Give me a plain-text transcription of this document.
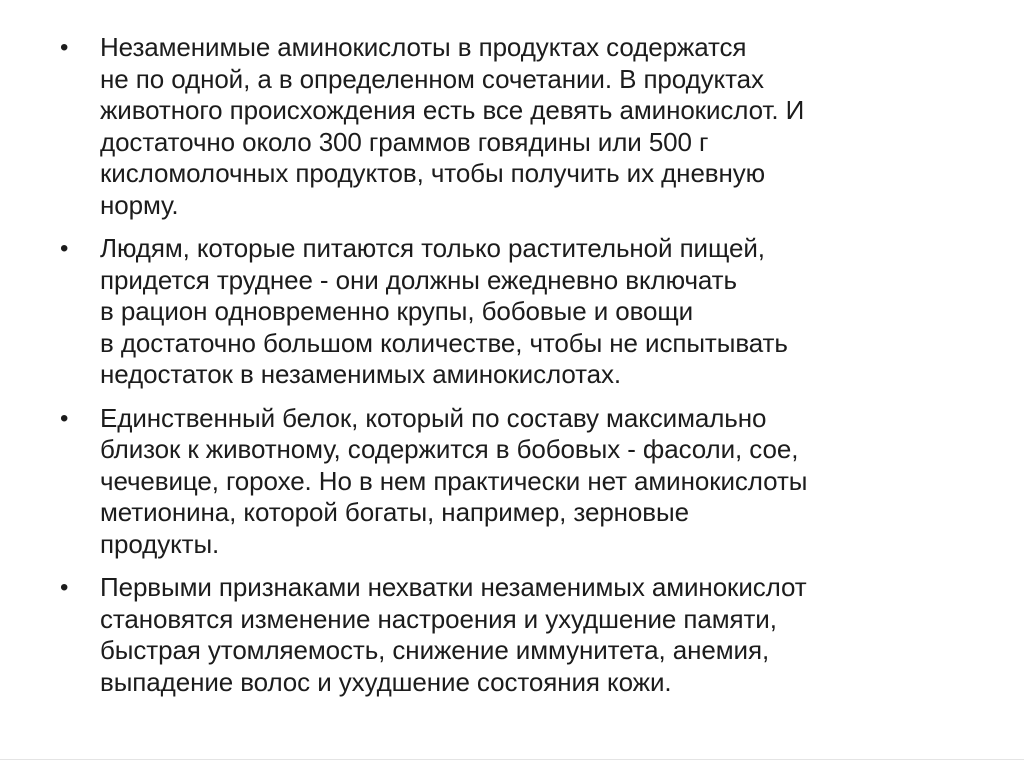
• Незаменимые аминокислоты в продуктах содержатся
не по одной, а в определенном сочетании. В продуктах
животного происхождения есть все девять аминокислот. И
достаточно около 300 граммов говядины или 500 г
кисломолочных продуктов, чтобы получить их дневную
норму.
• Людям, которые питаются только растительной пищей,
придется труднее - они должны ежедневно включать
в рацион одновременно крупы, бобовые и овощи
в достаточно большом количестве, чтобы не испытывать
недостаток в незаменимых аминокислотах.
• Единственный белок, который по составу максимально
близок к животному, содержится в бобовых - фасоли, сое,
чечевице, горохе. Но в нем практически нет аминокислоты
метионина, которой богаты, например, зерновые
продукты.
• Первыми признаками нехватки незаменимых аминокислот
становятся изменение настроения и ухудшение памяти,
быстрая утомляемость, снижение иммунитета, анемия,
выпадение волос и ухудшение состояния кожи.
